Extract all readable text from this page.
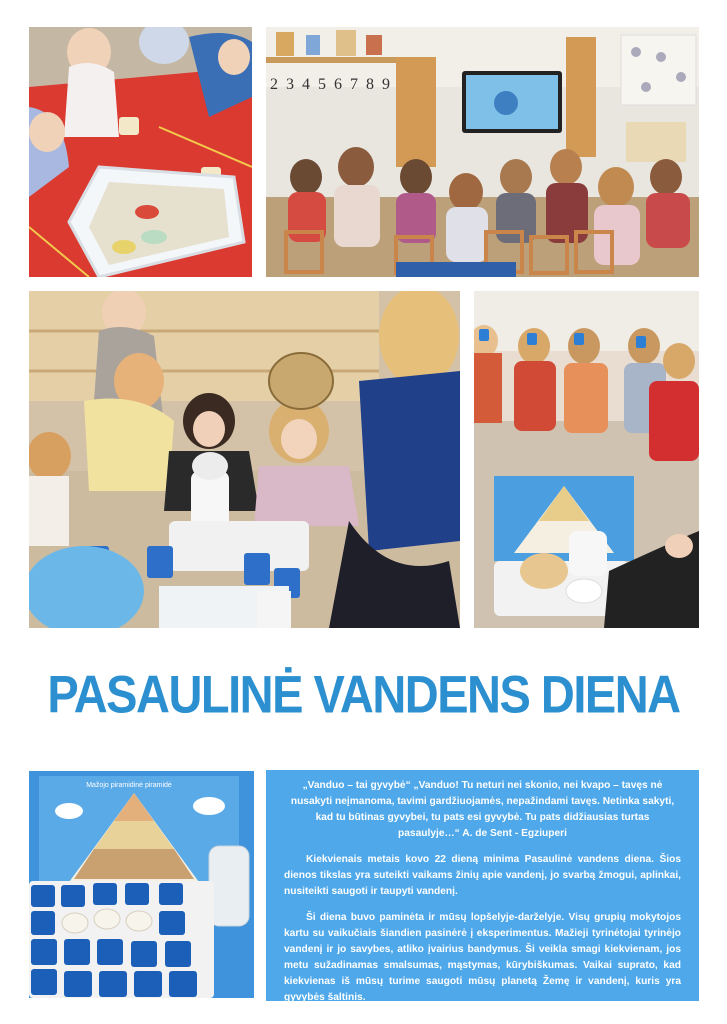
2 3 4 5 6 7 8 9
Mažojo piramidinė piramidė
PASAULINĖ VANDENS DIENA

„Vanduo – tai gyvybė“ „Vanduo! Tu neturi nei skonio, nei kvapo – tavęs nė nusakyti neįmanoma, tavimi gardžiuojamės, nepažindami tavęs. Netinka sakyti, kad tu būtinas gyvybei, tu pats esi gyvybė. Tu pats didžiausias turtas pasaulyje…“ A. de Sent - Egziuperi

Kiekvienais metais kovo 22 dieną minima Pasaulinė vandens diena. Šios dienos tikslas yra suteikti vaikams žinių apie vandenį, jo svarbą žmogui, aplinkai, nusiteikti saugoti ir taupyti vandenį.

Ši diena buvo paminėta ir mūsų lopšelyje-darželyje. Visų grupių mokytojos kartu su vaikučiais šiandien pasinėrė į eksperimentus. Mažieji tyrinėtojai tyrinėjo vandenį ir jo savybes, atliko įvairius bandymus. Ši veikla smagi kiekvienam, jos metu sužadinamas smalsumas, mąstymas, kūrybiškumas. Vaikai suprato, kad kiekvienas iš mūsų turime saugoti mūsų planetą Žemę ir vandenį, kuris yra gyvybės šaltinis.
